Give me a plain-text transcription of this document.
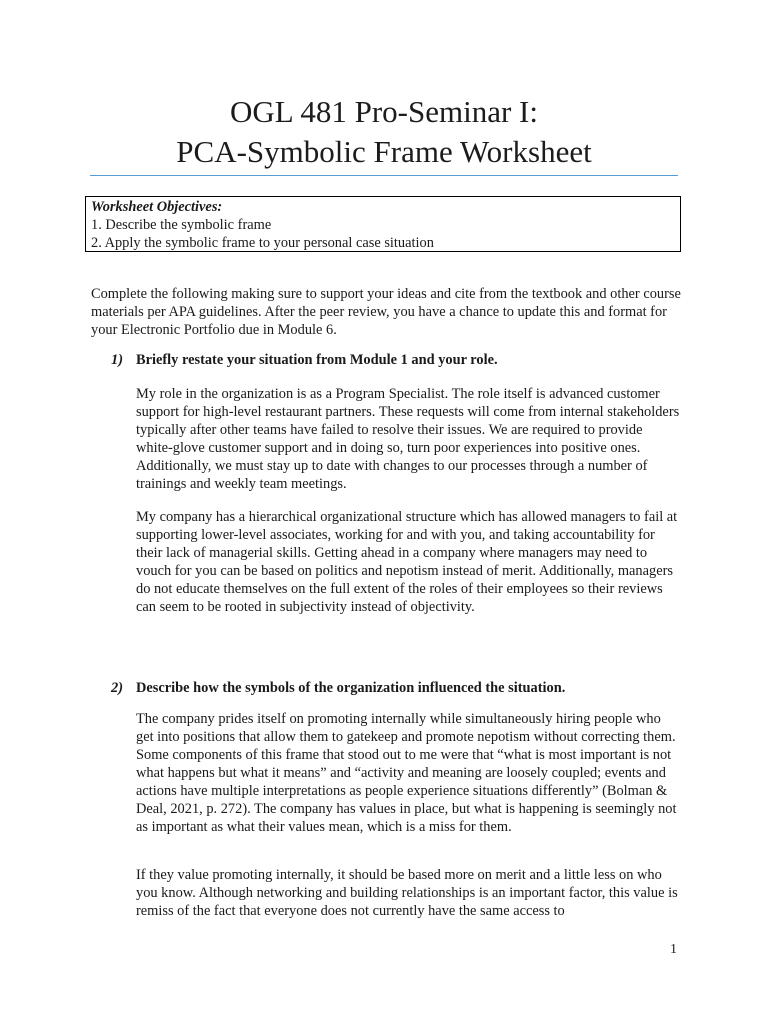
OGL 481 Pro-Seminar I:
PCA-Symbolic Frame Worksheet
Worksheet Objectives:
1. Describe the symbolic frame
2. Apply the symbolic frame to your personal case situation
Complete the following making sure to support your ideas and cite from the textbook and other course materials per APA guidelines. After the peer review, you have a chance to update this and format for your Electronic Portfolio due in Module 6.
1) Briefly restate your situation from Module 1 and your role.
My role in the organization is as a Program Specialist. The role itself is advanced customer support for high-level restaurant partners. These requests will come from internal stakeholders typically after other teams have failed to resolve their issues. We are required to provide white-glove customer support and in doing so, turn poor experiences into positive ones. Additionally, we must stay up to date with changes to our processes through a number of trainings and weekly team meetings.
My company has a hierarchical organizational structure which has allowed managers to fail at supporting lower-level associates, working for and with you, and taking accountability for their lack of managerial skills. Getting ahead in a company where managers may need to vouch for you can be based on politics and nepotism instead of merit. Additionally, managers do not educate themselves on the full extent of the roles of their employees so their reviews can seem to be rooted in subjectivity instead of objectivity.
2) Describe how the symbols of the organization influenced the situation.
The company prides itself on promoting internally while simultaneously hiring people who get into positions that allow them to gatekeep and promote nepotism without correcting them. Some components of this frame that stood out to me were that “what is most important is not what happens but what it means” and “activity and meaning are loosely coupled; events and actions have multiple interpretations as people experience situations differently” (Bolman & Deal, 2021, p. 272). The company has values in place, but what is happening is seemingly not as important as what their values mean, which is a miss for them.
If they value promoting internally, it should be based more on merit and a little less on who you know. Although networking and building relationships is an important factor, this value is remiss of the fact that everyone does not currently have the same access to
1
